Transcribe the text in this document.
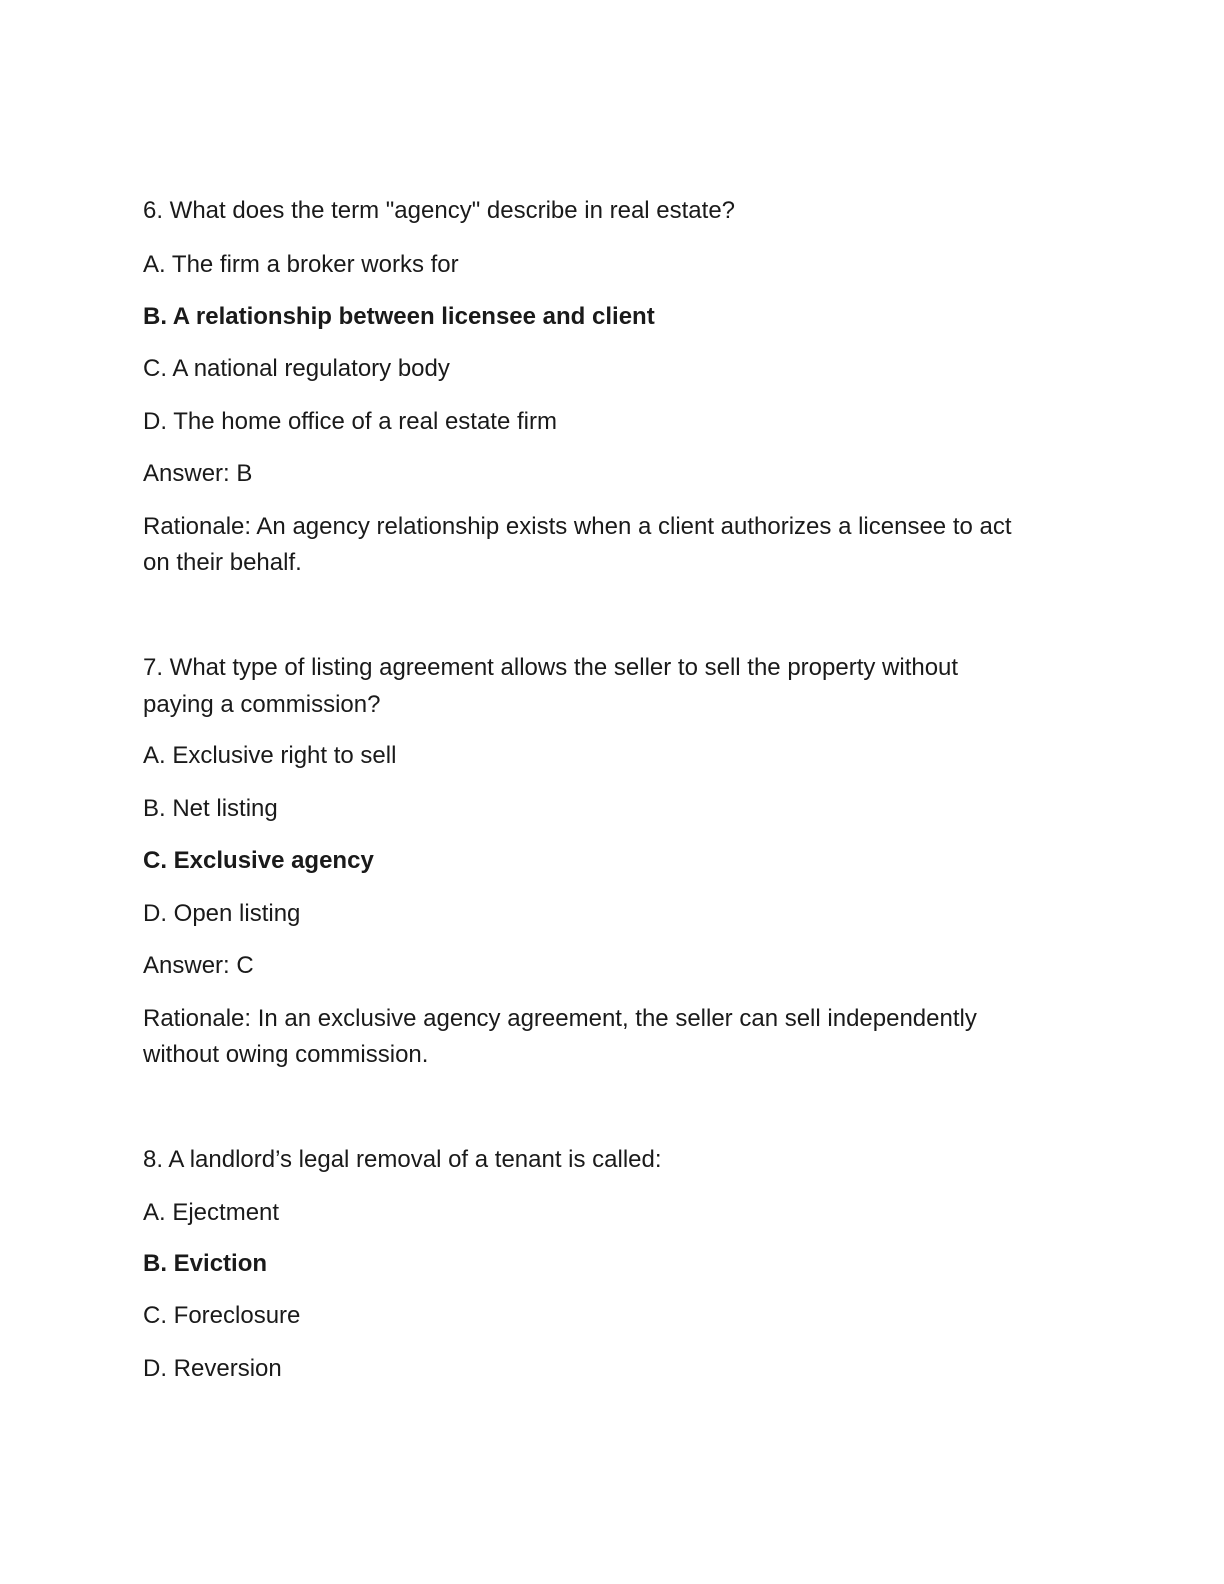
6. What does the term "agency" describe in real estate?

A. The firm a broker works for

B. A relationship between licensee and client

C. A national regulatory body

D. The home office of a real estate firm

Answer: B

Rationale: An agency relationship exists when a client authorizes a licensee to act

on their behalf.

7. What type of listing agreement allows the seller to sell the property without

paying a commission?

A. Exclusive right to sell

B. Net listing

C. Exclusive agency

D. Open listing

Answer: C

Rationale: In an exclusive agency agreement, the seller can sell independently

without owing commission.

8. A landlord’s legal removal of a tenant is called:

A. Ejectment

B. Eviction

C. Foreclosure

D. Reversion
